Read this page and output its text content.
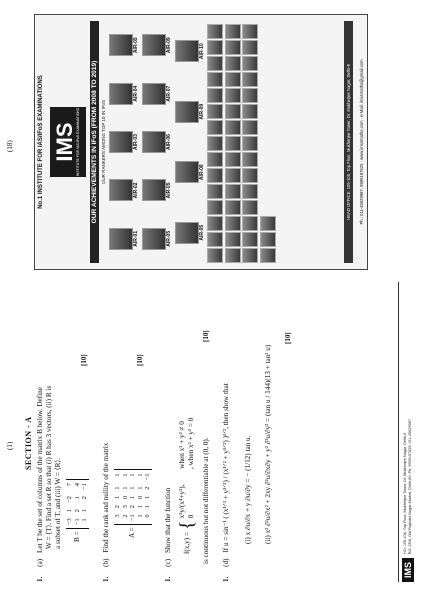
(1)
(18)
SECTION - A
1. (a) Let T be the set of columns of the matrix B below. Define
W = ⟨T⟩. Find a set R so that (i) R has 3 vectors, (ii) R is
a subset of T, and (iii) W = ⟨R⟩. B =
−3	1	−2	7
−1	2	1	4
1	1	2	−1
[10]
1. (b) Find the rank and nullity of the matrix	A =
3	2	1	1	1
2	3	0	1	1
−1	2	1	1	1
1	1	0	1	1
0	1	1	2	−1
[10]
1. (c) Show that the function f(x,y) =
{
x²y/(x⁴+y²), when x² + y² ≠ 0
0 , when x² + y² = 0 is continuous but not differentiable at (0, 0).
[10]
1. (d) If u = sin⁻¹ ( (x¹ᐟ³ + y¹ᐟ³) / (x¹ᐟ² + y¹ᐟ²) )¹ᐟ², then show that (i) x ∂u/∂x + y ∂u/∂y = − (1/12) tan u. (ii) x² ∂²u/∂x² + 2xy ∂²u/∂x∂y + y² ∂²u/∂y² = (tan u / 144)(13 + tan² u)
[10]
IMS
HO: 105-106, Top Floor, Mukherjee Tower, Dr. Mukherjee Nagar, Delhi-9 BO: 25/8, Old Rajinder Nagar Market, Delhi-60. Ph: 9999197625, 011-45629987
No.1 INSTITUTE FOR IAS/IFoS EXAMINATIONS IMS INSTITUTE FOR IAS/IFoS EXAMINATIONS OUR ACHIEVEMENTS IN IFoS (FROM 2008 TO 2019) OUR RANKERS AMONG TOP 10 IN IFoS
AIR-01
AIR-02
AIR-03
AIR-04
AIR-05
AIR-05
AIR-05
AIR-06
AIR-07
AIR-09
AIR-05
AIR-08
AIR-09
AIR-10
HEAD OFFICE: 105-106, Top Floor, Mukherjee Tower, Dr. Mukherjee Nagar, Delhi-9	Ph.: 011-45629987, 9999197625 · www.ims4maths.com · e-Mail: ims4maths@gmail.com
